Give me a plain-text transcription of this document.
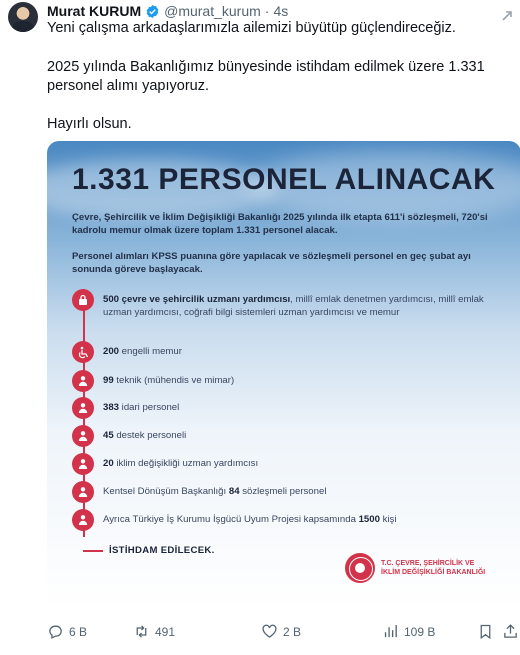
Murat KURUM @murat_kurum · 4s
Yeni çalışma arkadaşlarımızla ailemizi büyütüp güçlendireceğiz.
2025 yılında Bakanlığımız bünyesinde istihdam edilmek üzere 1.331 personel alımı yapıyoruz.
Hayırlı olsun.
1.331 PERSONEL ALINACAK
Çevre, Şehircilik ve İklim Değişikliği Bakanlığı 2025 yılında ilk etapta 611'i sözleşmeli, 720'si kadrolu memur olmak üzere toplam 1.331 personel alacak.
Personel alımları KPSS puanına göre yapılacak ve sözleşmeli personel en geç şubat ayı sonunda göreve başlayacak.
500 çevre ve şehircilik uzmanı yardımcısı, millî emlak denetmen yardımcısı, millî emlak uzman yardımcısı, coğrafi bilgi sistemleri uzman yardımcısı ve memur
200 engelli memur
99 teknik (mühendis ve mimar)
383 idari personel
45 destek personeli
20 iklim değişikliği uzman yardımcısı
Kentsel Dönüşüm Başkanlığı 84 sözleşmeli personel
Ayrıca Türkiye İş Kurumu İşgücü Uyum Projesi kapsamında 1500 kişi
İSTİHDAM EDİLECEK.
T.C. ÇEVRE, ŞEHİRCİLİK VE
İKLİM DEĞİŞİKLİĞİ BAKANLIĞI
6 B	491	2 B	109 B
